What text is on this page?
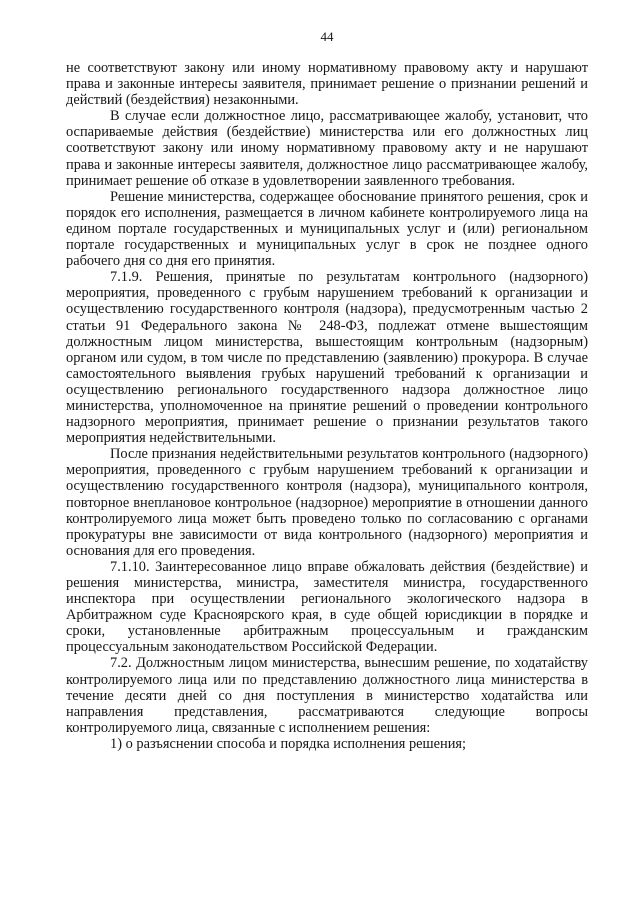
44

не соответствуют закону или иному нормативному правовому акту и нарушают права и законные интересы заявителя, принимает решение о признании решений и действий (бездействия) незаконными.

В случае если должностное лицо, рассматривающее жалобу, установит, что оспариваемые действия (бездействие) министерства или его должностных лиц соответствуют закону или иному нормативному правовому акту и не нарушают права и законные интересы заявителя, должностное лицо рассматривающее жалобу, принимает решение об отказе в удовлетворении заявленного требования.

Решение министерства, содержащее обоснование принятого решения, срок и порядок его исполнения, размещается в личном кабинете контролируемого лица на едином портале государственных и муниципальных услуг и (или) региональном портале государственных и муниципальных услуг в срок не позднее одного рабочего дня со дня его принятия.

7.1.9. Решения, принятые по результатам контрольного (надзорного) мероприятия, проведенного с грубым нарушением требований к организации и осуществлению государственного контроля (надзора), предусмотренным частью 2 статьи 91 Федерального закона № 248-ФЗ, подлежат отмене вышестоящим должностным лицом министерства, вышестоящим контрольным (надзорным) органом или судом, в том числе по представлению (заявлению) прокурора. В случае самостоятельного выявления грубых нарушений требований к организации и осуществлению регионального государственного надзора должностное лицо министерства, уполномоченное на принятие решений о проведении контрольного надзорного мероприятия, принимает решение о признании результатов такого мероприятия недействительными.

После признания недействительными результатов контрольного (надзорного) мероприятия, проведенного с грубым нарушением требований к организации и осуществлению государственного контроля (надзора), муниципального контроля, повторное внеплановое контрольное (надзорное) мероприятие в отношении данного контролируемого лица может быть проведено только по согласованию с органами прокуратуры вне зависимости от вида контрольного (надзорного) мероприятия и основания для его проведения.

7.1.10. Заинтересованное лицо вправе обжаловать действия (бездействие) и решения министерства, министра, заместителя министра, государственного инспектора при осуществлении регионального экологического надзора в Арбитражном суде Красноярского края, в суде общей юрисдикции в порядке и сроки, установленные арбитражным процессуальным и гражданским процессуальным законодательством Российской Федерации.

7.2. Должностным лицом министерства, вынесшим решение, по ходатайству контролируемого лица или по представлению должностного лица министерства в течение десяти дней со дня поступления в министерство ходатайства или направления представления, рассматриваются следующие вопросы контролируемого лица, связанные с исполнением решения:

1) о разъяснении способа и порядка исполнения решения;
